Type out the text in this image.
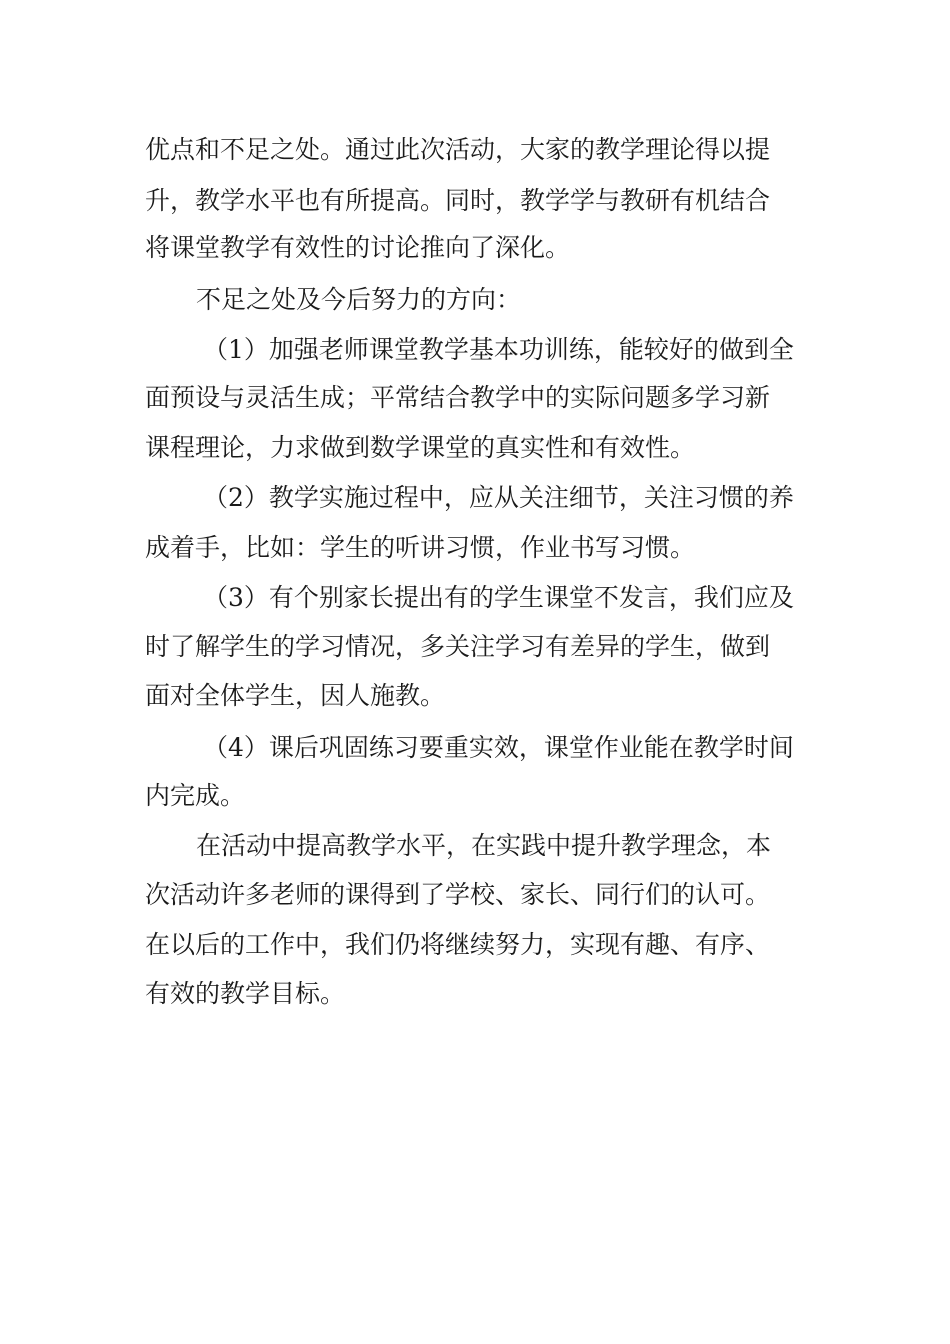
优点和不足之处。通过此次活动，大家的教学理论得以提
升，教学水平也有所提高。同时，教学学与教研有机结合
将课堂教学有效性的讨论推向了深化。
不足之处及今后努力的方向：
（1）加强老师课堂教学基本功训练，能较好的做到全
面预设与灵活生成；平常结合教学中的实际问题多学习新
课程理论，力求做到数学课堂的真实性和有效性。
（2）教学实施过程中，应从关注细节，关注习惯的养
成着手，比如：学生的听讲习惯，作业书写习惯。
（3）有个别家长提出有的学生课堂不发言，我们应及
时了解学生的学习情况，多关注学习有差异的学生，做到
面对全体学生，因人施教。
（4）课后巩固练习要重实效，课堂作业能在教学时间
内完成。
在活动中提高教学水平，在实践中提升教学理念，本
次活动许多老师的课得到了学校、家长、同行们的认可。
在以后的工作中，我们仍将继续努力，实现有趣、有序、
有效的教学目标。
